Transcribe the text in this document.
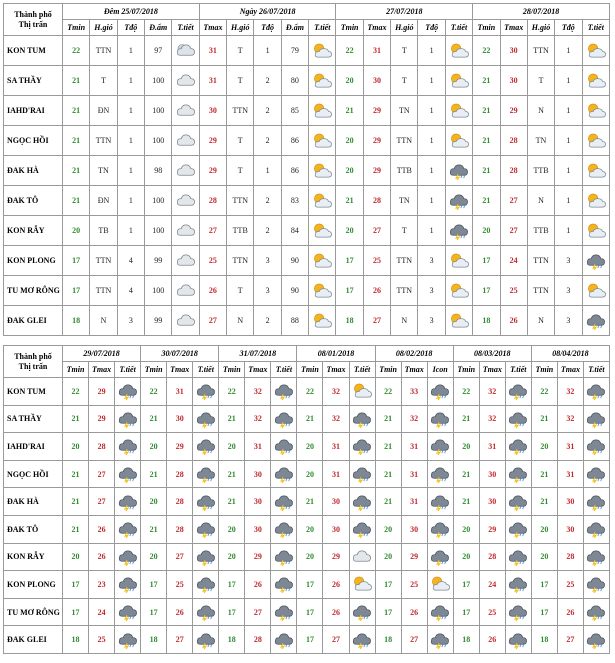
Thành phố
Thị trấn	Đêm 25/07/2018					Ngày 26/07/2018					27/07/2018					28/07/2018				
	Tmin	H.gió	Tđộ	Đ.ẩm	T.tiết	Tmax	H.gió	Tđộ	Đ.ẩm	T.tiết	Tmin	Tmax	H.gió	Tđộ	T.tiết	Tmin	Tmax	H.gió	Tđộ	T.tiết
KON TUM	22	TTN	1	97		31	T	1	79		22	31	T	1		22	30	TTN	1	

SA THẦY	21	T	1	100		31	T	2	80		20	30	T	1		21	30	T	1	

IAHD'RAI	21	ĐN	1	100		30	TTN	2	85		21	29	TN	1		21	29	N	1	

NGỌC HỒI	21	TTN	1	100		29	T	2	86		20	29	TTN	1		21	28	TN	1	

ĐAK HÀ	21	TN	1	98		29	T	1	86		20	29	TTB	1		21	28	TTB	1	

ĐAK TÔ	21	ĐN	1	100		28	TTN	2	83		21	28	TN	1		21	27	N	1	

KON RẪY	20	TB	1	100		27	TTB	2	84		20	27	T	1		20	27	TTB	1	

KON PLONG	17	TTN	4	99		25	TTN	3	90		17	25	TTN	3		17	24	TTN	3	

TU MƠ RÔNG	17	TTN	4	100		26	T	3	90		17	26	TTN	3		17	25	TTN	3	

ĐAK GLEI	18	N	3	99		27	N	2	88		18	27	N	3		18	26	N	3	
Thành phố
Thị trấn	29/07/2018			30/07/2018			31/07/2018			08/01/2018			08/02/2018			08/03/2018			08/04/2018		
	Tmin	Tmax	T.tiết	Tmin	Tmax	T.tiết	Tmin	Tmax	T.tiết	Tmin	Tmax	T.tiết	Tmin	Tmax	Icon	Tmin	Tmax	T.tiết	Tmin	Tmax	T.tiết
KON TUM	22	29		22	31		22	32		22	32		22	33		22	32		22	32	

SA THẦY	21	29		21	30		21	32		21	32		21	32		21	32		21	32	

IAHD'RAI	20	28		20	29		20	31		20	31		21	31		20	31		20	31	

NGỌC HỒI	21	27		21	28		21	30		20	31		21	31		21	30		21	31	

ĐAK HÀ	21	27		20	28		21	30		21	30		21	31		21	30		21	30	

ĐAK TÔ	21	26		21	28		20	30		20	30		20	30		20	29		20	30	

KON RẪY	20	26		20	27		20	29		20	29		20	29		20	28		20	28	

KON PLONG	17	23		17	25		17	26		17	26		17	25		17	24		17	25	

TU MƠ RÔNG	17	24		17	26		17	27		17	26		17	26		17	25		17	26	

ĐAK GLEI	18	25		18	27		18	28		17	27		18	27		18	26		18	27	
